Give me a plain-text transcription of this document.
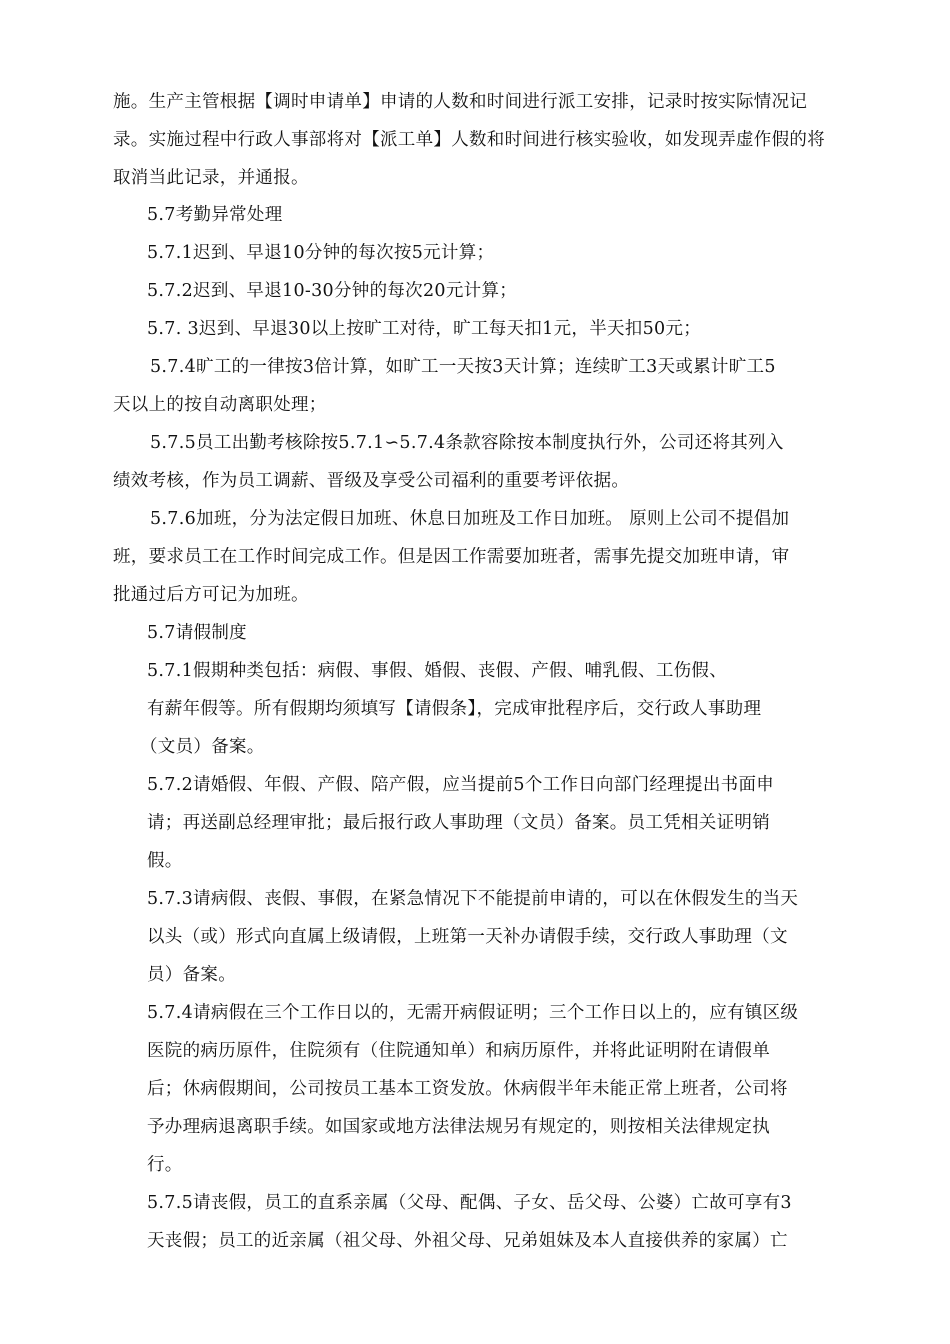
施。生产主管根据【调时申请单】申请的人数和时间进行派工安排，记录时按实际情况记
录。实施过程中行政人事部将对【派工单】人数和时间进行核实验收，如发现弄虚作假的将
取消当此记录，并通报。
5.7考勤异常处理
5.7.1迟到、早退10分钟的每次按5元计算；
5.7.2迟到、早退10-30分钟的每次20元计算；
5.7. 3迟到、早退30以上按旷工对待，旷工每天扣1元，半天扣50元；
5.7.4旷工的一律按3倍计算，如旷工一天按3天计算；连续旷工3天或累计旷工5
天以上的按自动离职处理；
5.7.5员工出勤考核除按5.7.1∽5.7.4条款容除按本制度执行外，公司还将其列入
绩效考核，作为员工调薪、晋级及享受公司福利的重要考评依据。
5.7.6加班，分为法定假日加班、休息日加班及工作日加班。 原则上公司不提倡加
班，要求员工在工作时间完成工作。但是因工作需要加班者，需事先提交加班申请，审
批通过后方可记为加班。
5.7请假制度
5.7.1假期种类包括：病假、事假、婚假、丧假、产假、哺乳假、工伤假、
有薪年假等。所有假期均须填写【请假条】，完成审批程序后，交行政人事助理
（文员）备案。
5.7.2请婚假、年假、产假、陪产假，应当提前5个工作日向部门经理提出书面申
请；再送副总经理审批；最后报行政人事助理（文员）备案。员工凭相关证明销
假。
5.7.3请病假、丧假、事假，在紧急情况下不能提前申请的，可以在休假发生的当天
以头（或）形式向直属上级请假，上班第一天补办请假手续，交行政人事助理（文
员）备案。
5.7.4请病假在三个工作日以的，无需开病假证明；三个工作日以上的，应有镇区级
医院的病历原件，住院须有（住院通知单）和病历原件，并将此证明附在请假单
后；休病假期间，公司按员工基本工资发放。休病假半年未能正常上班者，公司将
予办理病退离职手续。如国家或地方法律法规另有规定的，则按相关法律规定执
行。
5.7.5请丧假，员工的直系亲属（父母、配偶、子女、岳父母、公婆）亡故可享有3
天丧假；员工的近亲属（祖父母、外祖父母、兄弟姐妹及本人直接供养的家属）亡
